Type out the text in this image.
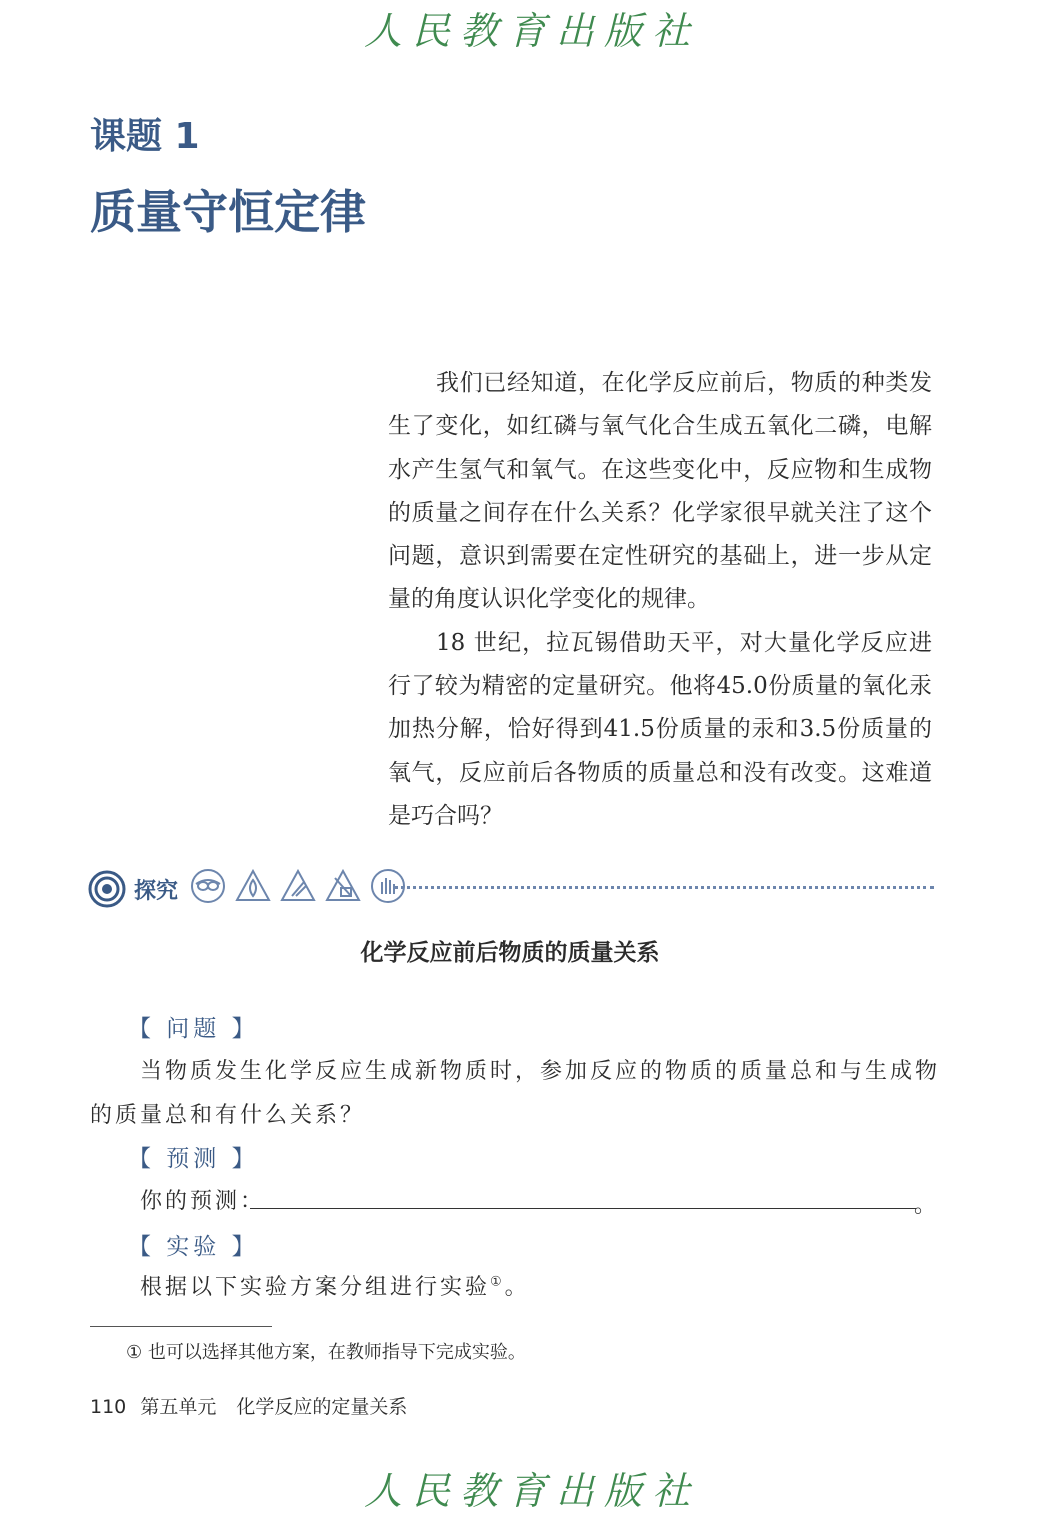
人民教育出版社
课题 1
质量守恒定律

我们已经知道，在化学反应前后，物质的种类发生了变化，如红磷与氧气化合生成五氧化二磷，电解水产生氢气和氧气。在这些变化中，反应物和生成物的质量之间存在什么关系？化学家很早就关注了这个问题，意识到需要在定性研究的基础上，进一步从定量的角度认识化学变化的规律。

18 世纪，拉瓦锡借助天平，对大量化学反应进行了较为精密的定量研究。他将45.0份质量的氧化汞加热分解，恰好得到41.5份质量的汞和3.5份质量的氧气，反应前后各物质的质量总和没有改变。这难道是巧合吗？

探究

化学反应前后物质的质量关系
【 问题 】
当物质发生化学反应生成新物质时，参加反应的物质的质量总和与生成物
的质量总和有什么关系？
【 预测 】
你的预测：	。
【 实验 】
根据以下实验方案分组进行实验①。
① 也可以选择其他方案，在教师指导下完成实验。
110 第五单元 化学反应的定量关系
人民教育出版社
